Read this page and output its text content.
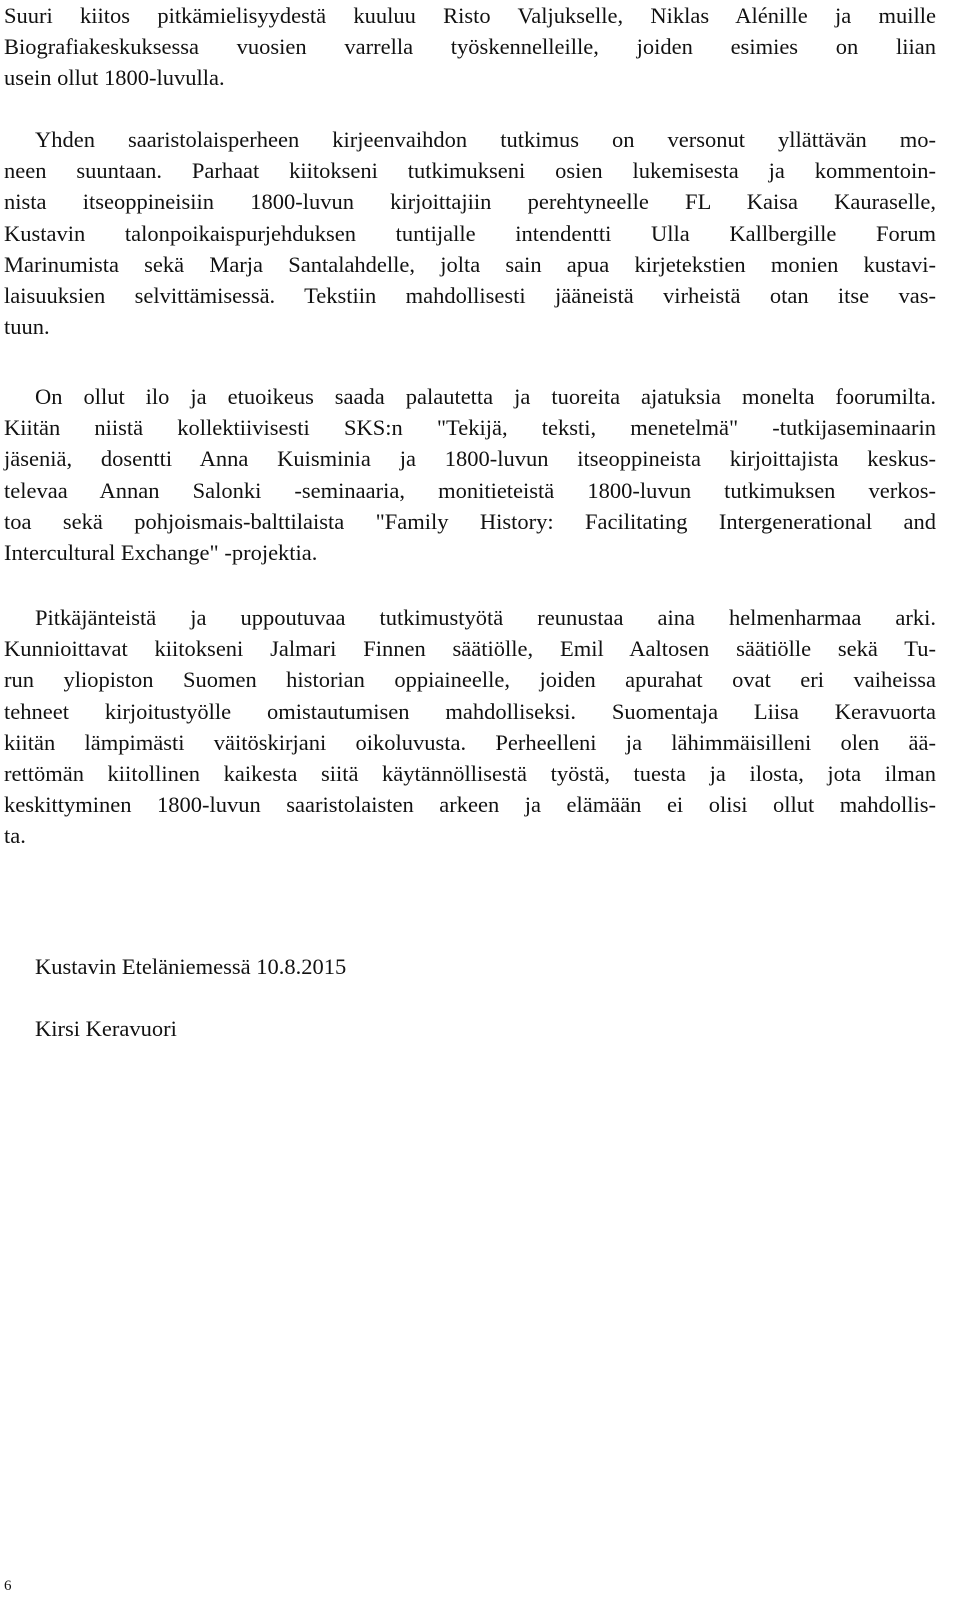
Suuri kiitos pitkämielisyydestä kuuluu Risto Valjukselle, Niklas Alénille ja muille
Biografiakeskuksessa vuosien varrella työskennelleille, joiden esimies on liian
usein ollut 1800-luvulla.
Yhden saaristolaisperheen kirjeenvaihdon tutkimus on versonut yllättävän mo-
neen suuntaan. Parhaat kiitokseni tutkimukseni osien lukemisesta ja kommentoin-
nista itseoppineisiin 1800-luvun kirjoittajiin perehtyneelle FL Kaisa Kauraselle,
Kustavin talonpoikaispurjehduksen tuntijalle intendentti Ulla Kallbergille Forum
Marinumista sekä Marja Santalahdelle, jolta sain apua kirjetekstien monien kustavi-
laisuuksien selvittämisessä. Tekstiin mahdollisesti jääneistä virheistä otan itse vas-
tuun.
On ollut ilo ja etuoikeus saada palautetta ja tuoreita ajatuksia monelta foorumilta.
Kiitän niistä kollektiivisesti SKS:n "Tekijä, teksti, menetelmä" -tutkijaseminaarin
jäseniä, dosentti Anna Kuisminia ja 1800-luvun itseoppineista kirjoittajista keskus-
televaa Annan Salonki -seminaaria, monitieteistä 1800-luvun tutkimuksen verkos-
toa sekä pohjoismais-balttilaista "Family History: Facilitating Intergenerational and
Intercultural Exchange" -projektia.
Pitkäjänteistä ja uppoutuvaa tutkimustyötä reunustaa aina helmenharmaa arki.
Kunnioittavat kiitokseni Jalmari Finnen säätiölle, Emil Aaltosen säätiölle sekä Tu-
run yliopiston Suomen historian oppiaineelle, joiden apurahat ovat eri vaiheissa
tehneet kirjoitustyölle omistautumisen mahdolliseksi. Suomentaja Liisa Keravuorta
kiitän lämpimästi väitöskirjani oikoluvusta. Perheelleni ja lähimmäisilleni olen ää-
rettömän kiitollinen kaikesta siitä käytännöllisestä työstä, tuesta ja ilosta, jota ilman
keskittyminen 1800-luvun saaristolaisten arkeen ja elämään ei olisi ollut mahdollis-
ta.

Kustavin Eteläniemessä 10.8.2015

Kirsi Keravuori

6
